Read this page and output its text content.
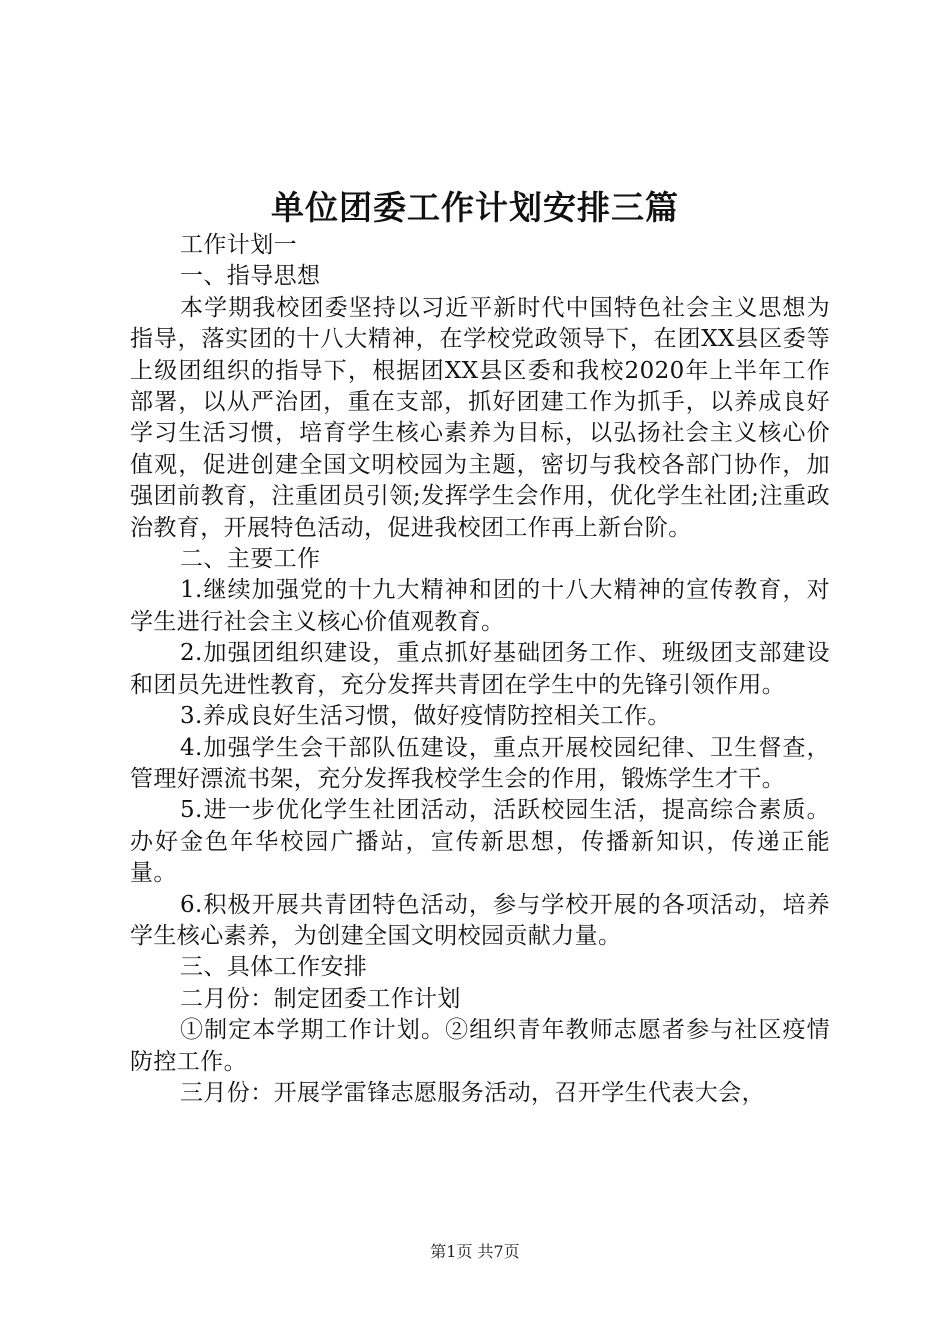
单位团委工作计划安排三篇

工作计划一

一、指导思想

本学期我校团委坚持以习近平新时代中国特色社会主义思想为指导，落实团的十八大精神，在学校党政领导下，在团XX县区委等上级团组织的指导下，根据团XX县区委和我校2020年上半年工作部署，以从严治团，重在支部，抓好团建工作为抓手，以养成良好学习生活习惯，培育学生核心素养为目标，以弘扬社会主义核心价值观，促进创建全国文明校园为主题，密切与我校各部门协作，加强团前教育，注重团员引领;发挥学生会作用，优化学生社团;注重政治教育，开展特色活动，促进我校团工作再上新台阶。

二、主要工作

1.继续加强党的十九大精神和团的十八大精神的宣传教育，对学生进行社会主义核心价值观教育。

2.加强团组织建设，重点抓好基础团务工作、班级团支部建设和团员先进性教育，充分发挥共青团在学生中的先锋引领作用。

3.养成良好生活习惯，做好疫情防控相关工作。

4.加强学生会干部队伍建设，重点开展校园纪律、卫生督查，管理好漂流书架，充分发挥我校学生会的作用，锻炼学生才干。

5.进一步优化学生社团活动，活跃校园生活，提高综合素质。办好金色年华校园广播站，宣传新思想，传播新知识，传递正能量。

6.积极开展共青团特色活动，参与学校开展的各项活动，培养学生核心素养，为创建全国文明校园贡献力量。

三、具体工作安排

二月份：制定团委工作计划

①制定本学期工作计划。②组织青年教师志愿者参与社区疫情防控工作。

三月份：开展学雷锋志愿服务活动，召开学生代表大会，

第1页 共7页
